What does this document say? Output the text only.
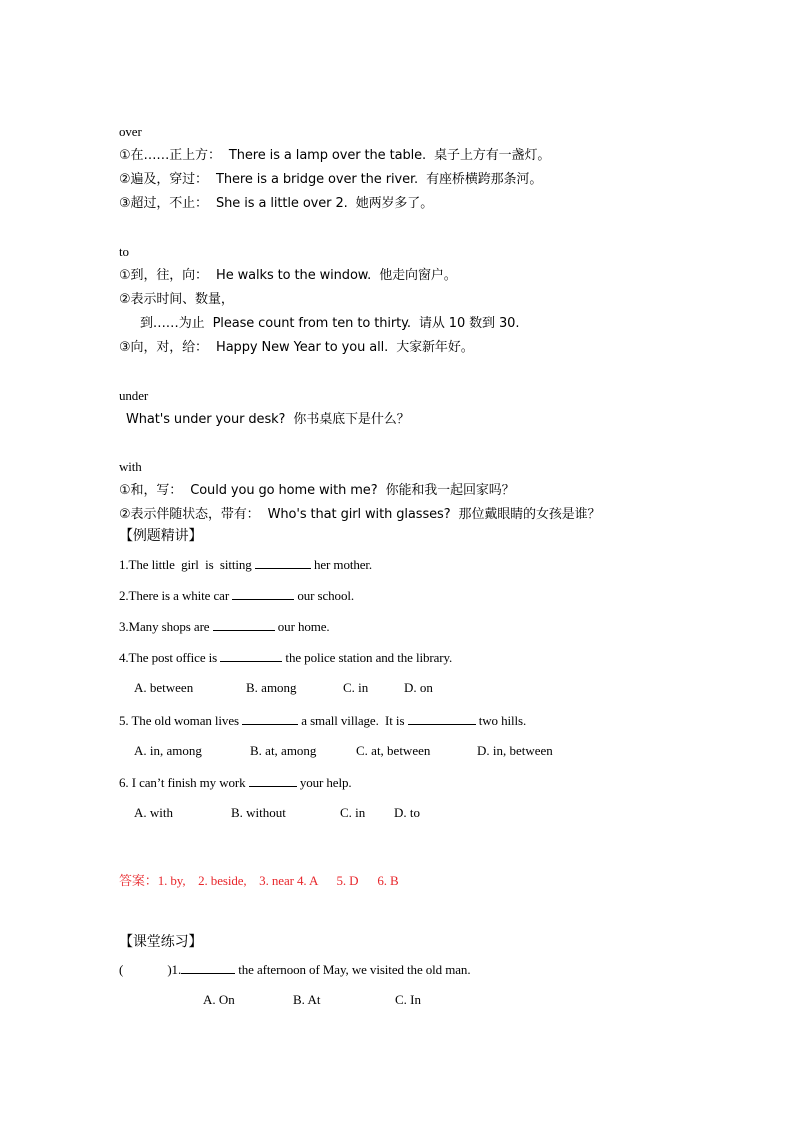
over
①在……正上方：  There is a lamp over the table.  桌子上方有一盏灯。
②遍及，穿过：  There is a bridge over the river.  有座桥横跨那条河。
③超过，不止：  She is a little over 2.  她两岁多了。
to
①到，往，向：  He walks to the window.  他走向窗户。
②表示时间、数量，
到……为止  Please count from ten to thirty.  请从 10 数到 30.
③向，对，给：  Happy New Year to you all.  大家新年好。
under
What's under your desk?  你书桌底下是什么？
with
①和，写：  Could you go home with me?  你能和我一起回家吗？
②表示伴随状态，带有：  Who's that girl with glasses?  那位戴眼睛的女孩是谁？
【例题精讲】
1.The little  girl  is  sitting	her mother.
2.There is a white car	our school.
3.Many shops are	our home.
4.The post office is	the police station and the library.
A. between	B. among	C. in	D. on
5. The old woman lives	a small village.  It is	two hills.
A. in, among	B. at, among	C. at, between	D. in, between
6. I can’t finish my work	your help.
A. with	B. without	C. in D. to
答案：1. by,    2. beside,    3. near 4. A      5. D      6. B
【课堂练习】
(              )1.	the afternoon of May, we visited the old man.
A. On	B. At	C. In
